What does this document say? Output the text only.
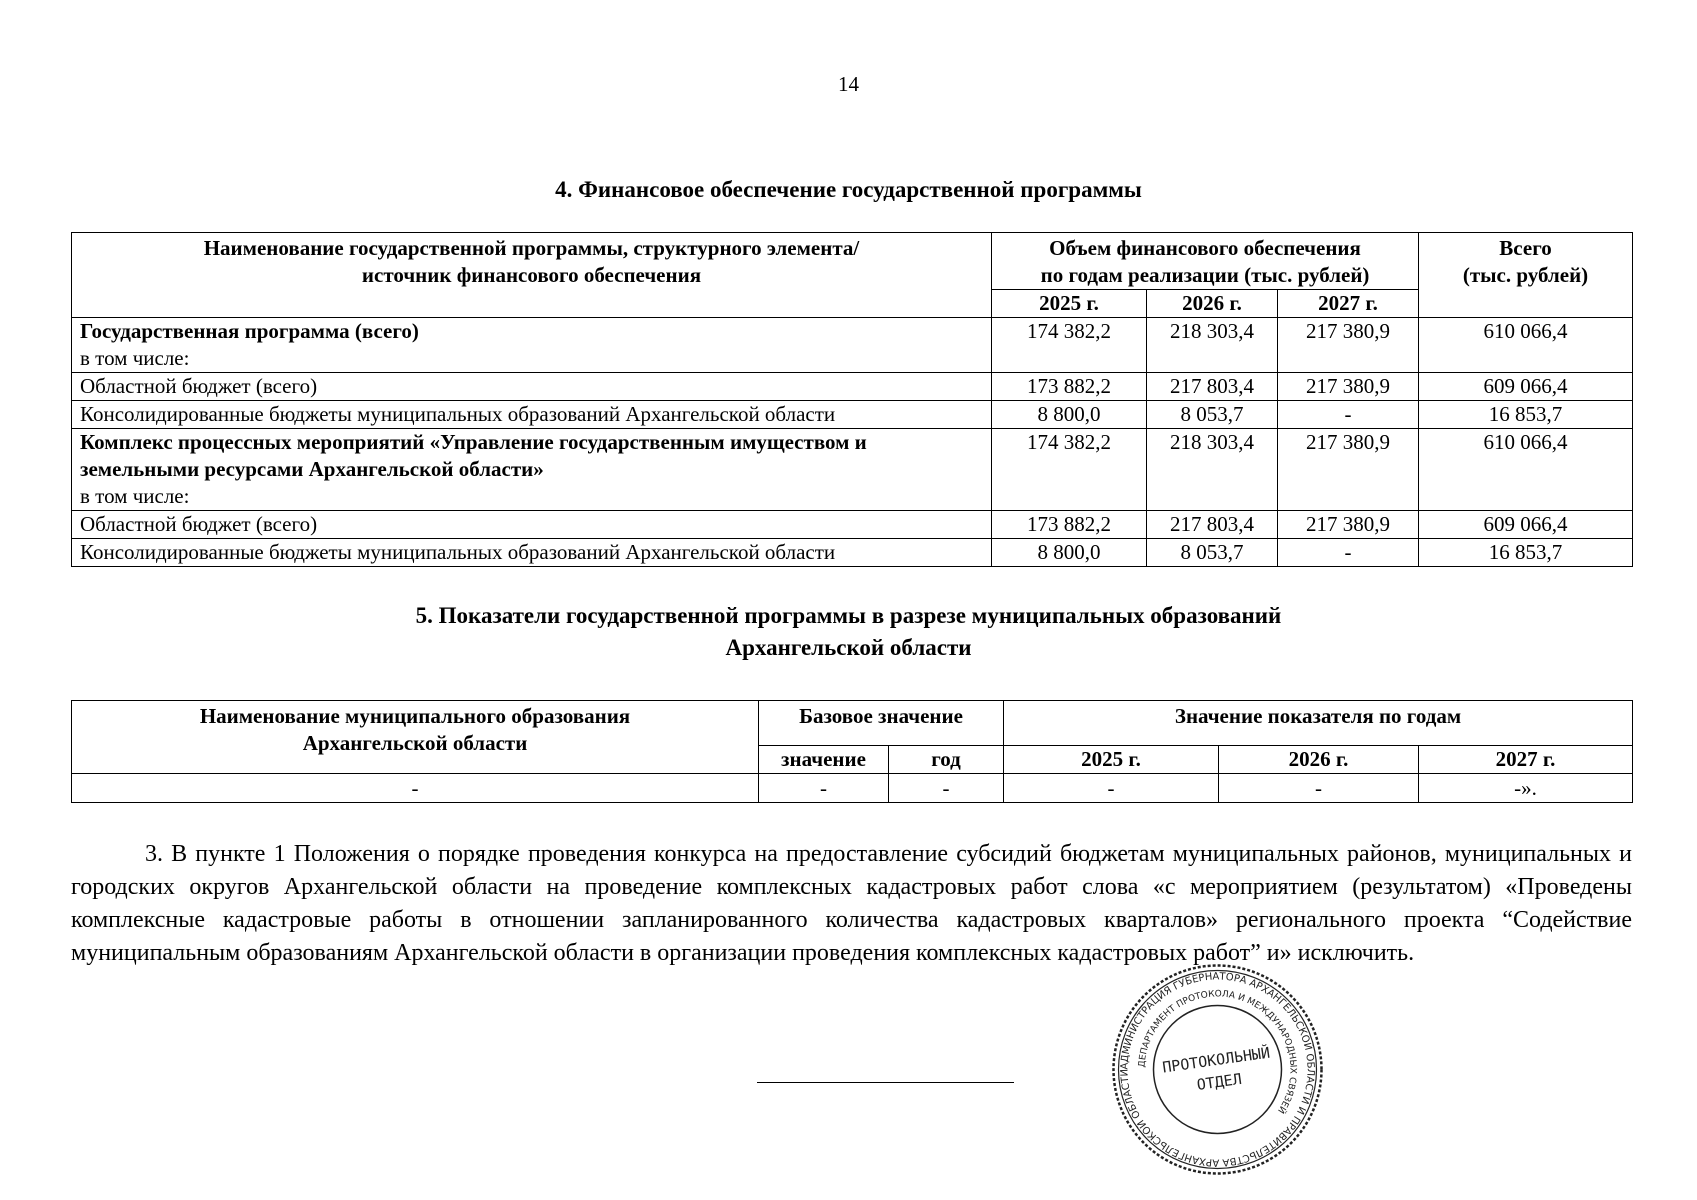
14
4. Финансовое обеспечение государственной программы
Наименование государственной программы, структурного элемента/
источник финансового обеспечения	Объем финансового обеспечения
по годам реализации (тыс. рублей)			Всего
(тыс. рублей)
	2025 г.	2026 г.	2027 г.	
Государственная программа (всего)
в том числе:	174 382,2	218 303,4	217 380,9	610 066,4
Областной бюджет (всего)	173 882,2	217 803,4	217 380,9	609 066,4
Консолидированные бюджеты муниципальных образований Архангельской области	8 800,0	8 053,7	-	16 853,7
Комплекс процессных мероприятий «Управление государственным имуществом и земельными ресурсами Архангельской области»
в том числе:	174 382,2	218 303,4	217 380,9	610 066,4
Областной бюджет (всего)	173 882,2	217 803,4	217 380,9	609 066,4
Консолидированные бюджеты муниципальных образований Архангельской области	8 800,0	8 053,7	-	16 853,7
5. Показатели государственной программы в разрезе муниципальных образований
Архангельской области
Наименование муниципального образования
Архангельской области	Базовое значение		Значение показателя по годам		
	значение	год	2025 г.	2026 г.	2027 г.
-	-	-	-	-	-».
3. В пункте 1 Положения о порядке проведения конкурса на предоставление субсидий бюджетам муниципальных районов, муниципальных и городских округов Архангельской области на проведение комплексных кадастровых работ слова «с мероприятием (результатом) «Проведены комплексные кадастровые работы в отношении запланированного количества кадастровых кварталов» регионального проекта “Содействие муниципальным образованиям Архангельской области в организации проведения комплексных кадастровых работ” и» исключить.
АДМИНИСТРАЦИЯ ГУБЕРНАТОРА АРХАНГЕЛЬСКОЙ ОБЛАСТИ И ПРАВИТЕЛЬСТВА АРХАНГЕЛЬСКОЙ ОБЛАСТИ
ДЕПАРТАМЕНТ ПРОТОКОЛА И МЕЖДУНАРОДНЫХ СВЯЗЕЙ
ПРОТОКОЛЬНЫЙ
ОТДЕЛ
